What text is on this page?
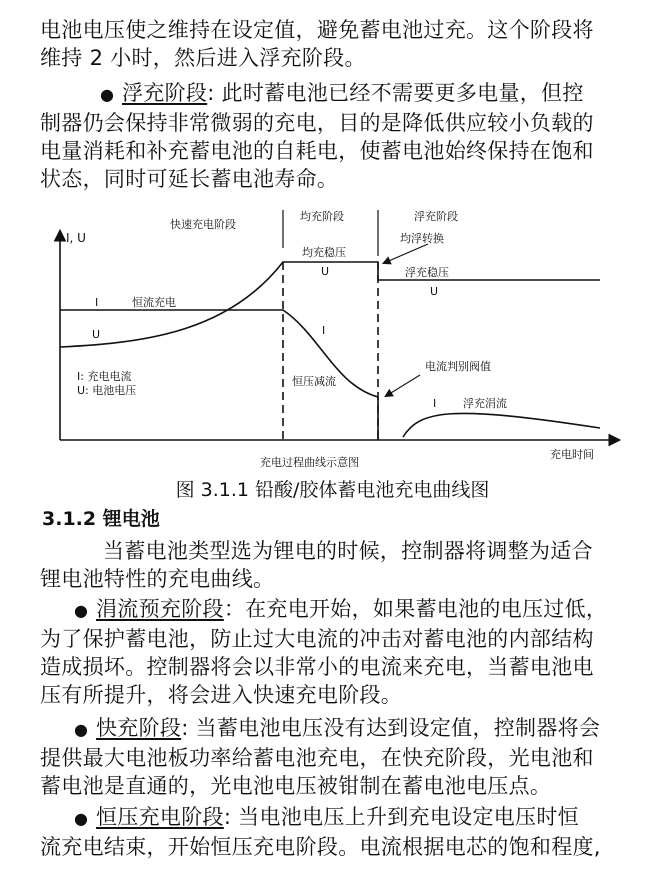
电池电压使之维持在设定值，避免蓄电池过充。这个阶段将
维持 2 小时，然后进入浮充阶段。

● 浮充阶段: 此时蓄电池已经不需要更多电量，但控
制器仍会保持非常微弱的充电，目的是降低供应较小负载的
电量消耗和补充蓄电池的自耗电，使蓄电池始终保持在饱和
状态，同时可延长蓄电池寿命。

快速充电阶段
均充阶段	浮充阶段
I, U
充电时间
均充稳压
U
均浮转换
浮充稳压
U
I	恒流充电
U	I
I: 充电电流
U: 电池电压
恒压减流
电流判别阀值
I 浮充涓流
充电过程曲线示意图
图 3.1.1 铅酸/胶体蓄电池充电曲线图
3.1.2 锂电池

当蓄电池类型选为锂电的时候，控制器将调整为适合
锂电池特性的充电曲线。

● 涓流预充阶段：在充电开始，如果蓄电池的电压过低，
为了保护蓄电池，防止过大电流的冲击对蓄电池的内部结构
造成损坏。控制器将会以非常小的电流来充电，当蓄电池电
压有所提升，将会进入快速充电阶段。

● 快充阶段: 当蓄电池电压没有达到设定值，控制器将会
提供最大电池板功率给蓄电池充电，在快充阶段，光电池和
蓄电池是直通的，光电池电压被钳制在蓄电池电压点。

● 恒压充电阶段: 当电池电压上升到充电设定电压时恒
流充电结束，开始恒压充电阶段。电流根据电芯的饱和程度,
